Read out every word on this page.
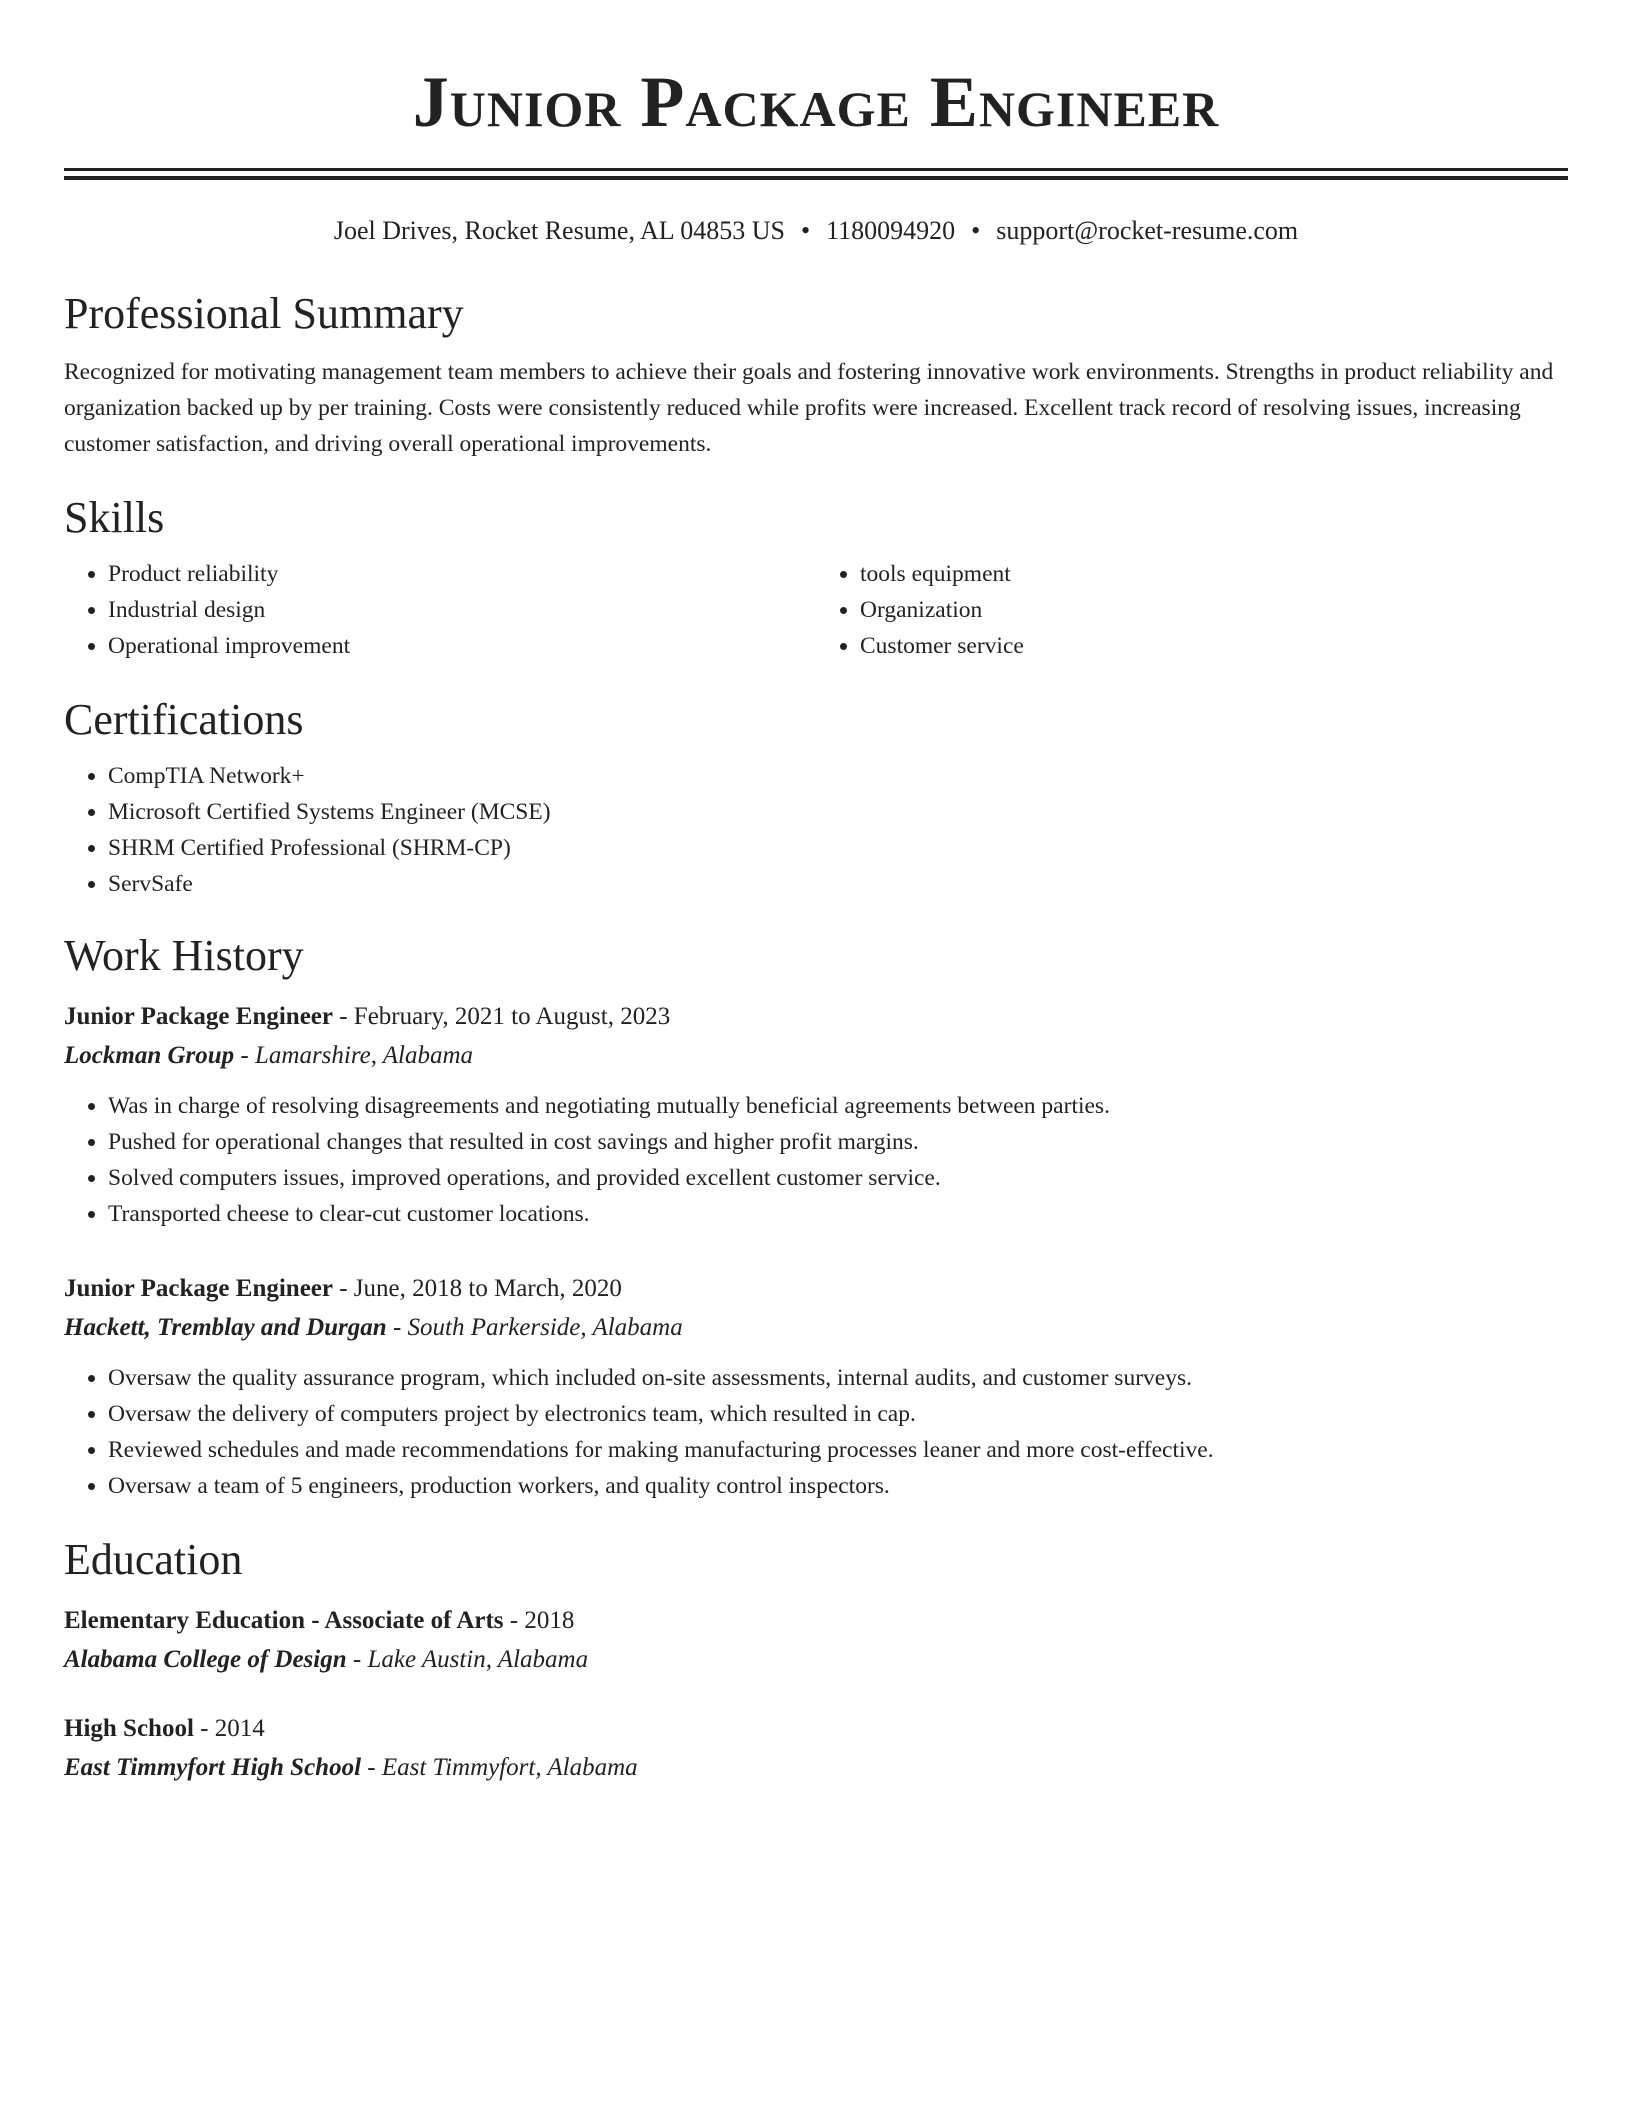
Junior Package Engineer
Joel Drives, Rocket Resume, AL 04853 US • 1180094920 • support@rocket-resume.com
Professional Summary

Recognized for motivating management team members to achieve their goals and fostering innovative work environments. Strengths in product reliability and organization backed up by per training. Costs were consistently reduced while profits were increased. Excellent track record of resolving issues, increasing customer satisfaction, and driving overall operational improvements.

Skills
• Product reliability
• Industrial design
• Operational improvement
• tools equipment
• Organization
• Customer service
Certifications
• CompTIA Network+
• Microsoft Certified Systems Engineer (MCSE)
• SHRM Certified Professional (SHRM-CP)
• ServSafe
Work History
Junior Package Engineer - February, 2021 to August, 2023
Lockman Group - Lamarshire, Alabama
• Was in charge of resolving disagreements and negotiating mutually beneficial agreements between parties.
• Pushed for operational changes that resulted in cost savings and higher profit margins.
• Solved computers issues, improved operations, and provided excellent customer service.
• Transported cheese to clear-cut customer locations.
Junior Package Engineer - June, 2018 to March, 2020
Hackett, Tremblay and Durgan - South Parkerside, Alabama
• Oversaw the quality assurance program, which included on-site assessments, internal audits, and customer surveys.
• Oversaw the delivery of computers project by electronics team, which resulted in cap.
• Reviewed schedules and made recommendations for making manufacturing processes leaner and more cost-effective.
• Oversaw a team of 5 engineers, production workers, and quality control inspectors.
Education
Elementary Education - Associate of Arts - 2018
Alabama College of Design - Lake Austin, Alabama
High School - 2014
East Timmyfort High School - East Timmyfort, Alabama
